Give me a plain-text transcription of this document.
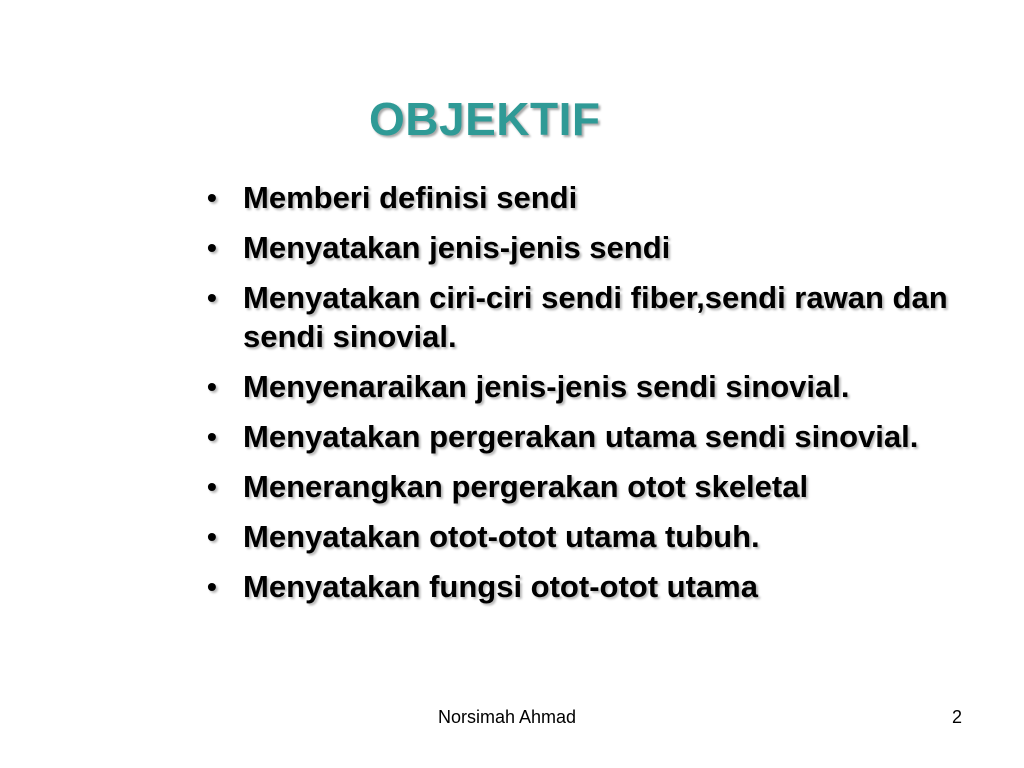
OBJEKTIF
• Memberi definisi sendi
• Menyatakan jenis-jenis sendi
• Menyatakan ciri-ciri sendi fiber,sendi rawan dan sendi sinovial.
• Menyenaraikan jenis-jenis sendi sinovial.
• Menyatakan pergerakan utama sendi sinovial.
• Menerangkan pergerakan otot skeletal
• Menyatakan otot-otot utama tubuh.
• Menyatakan fungsi otot-otot utama
Norsimah Ahmad	2
